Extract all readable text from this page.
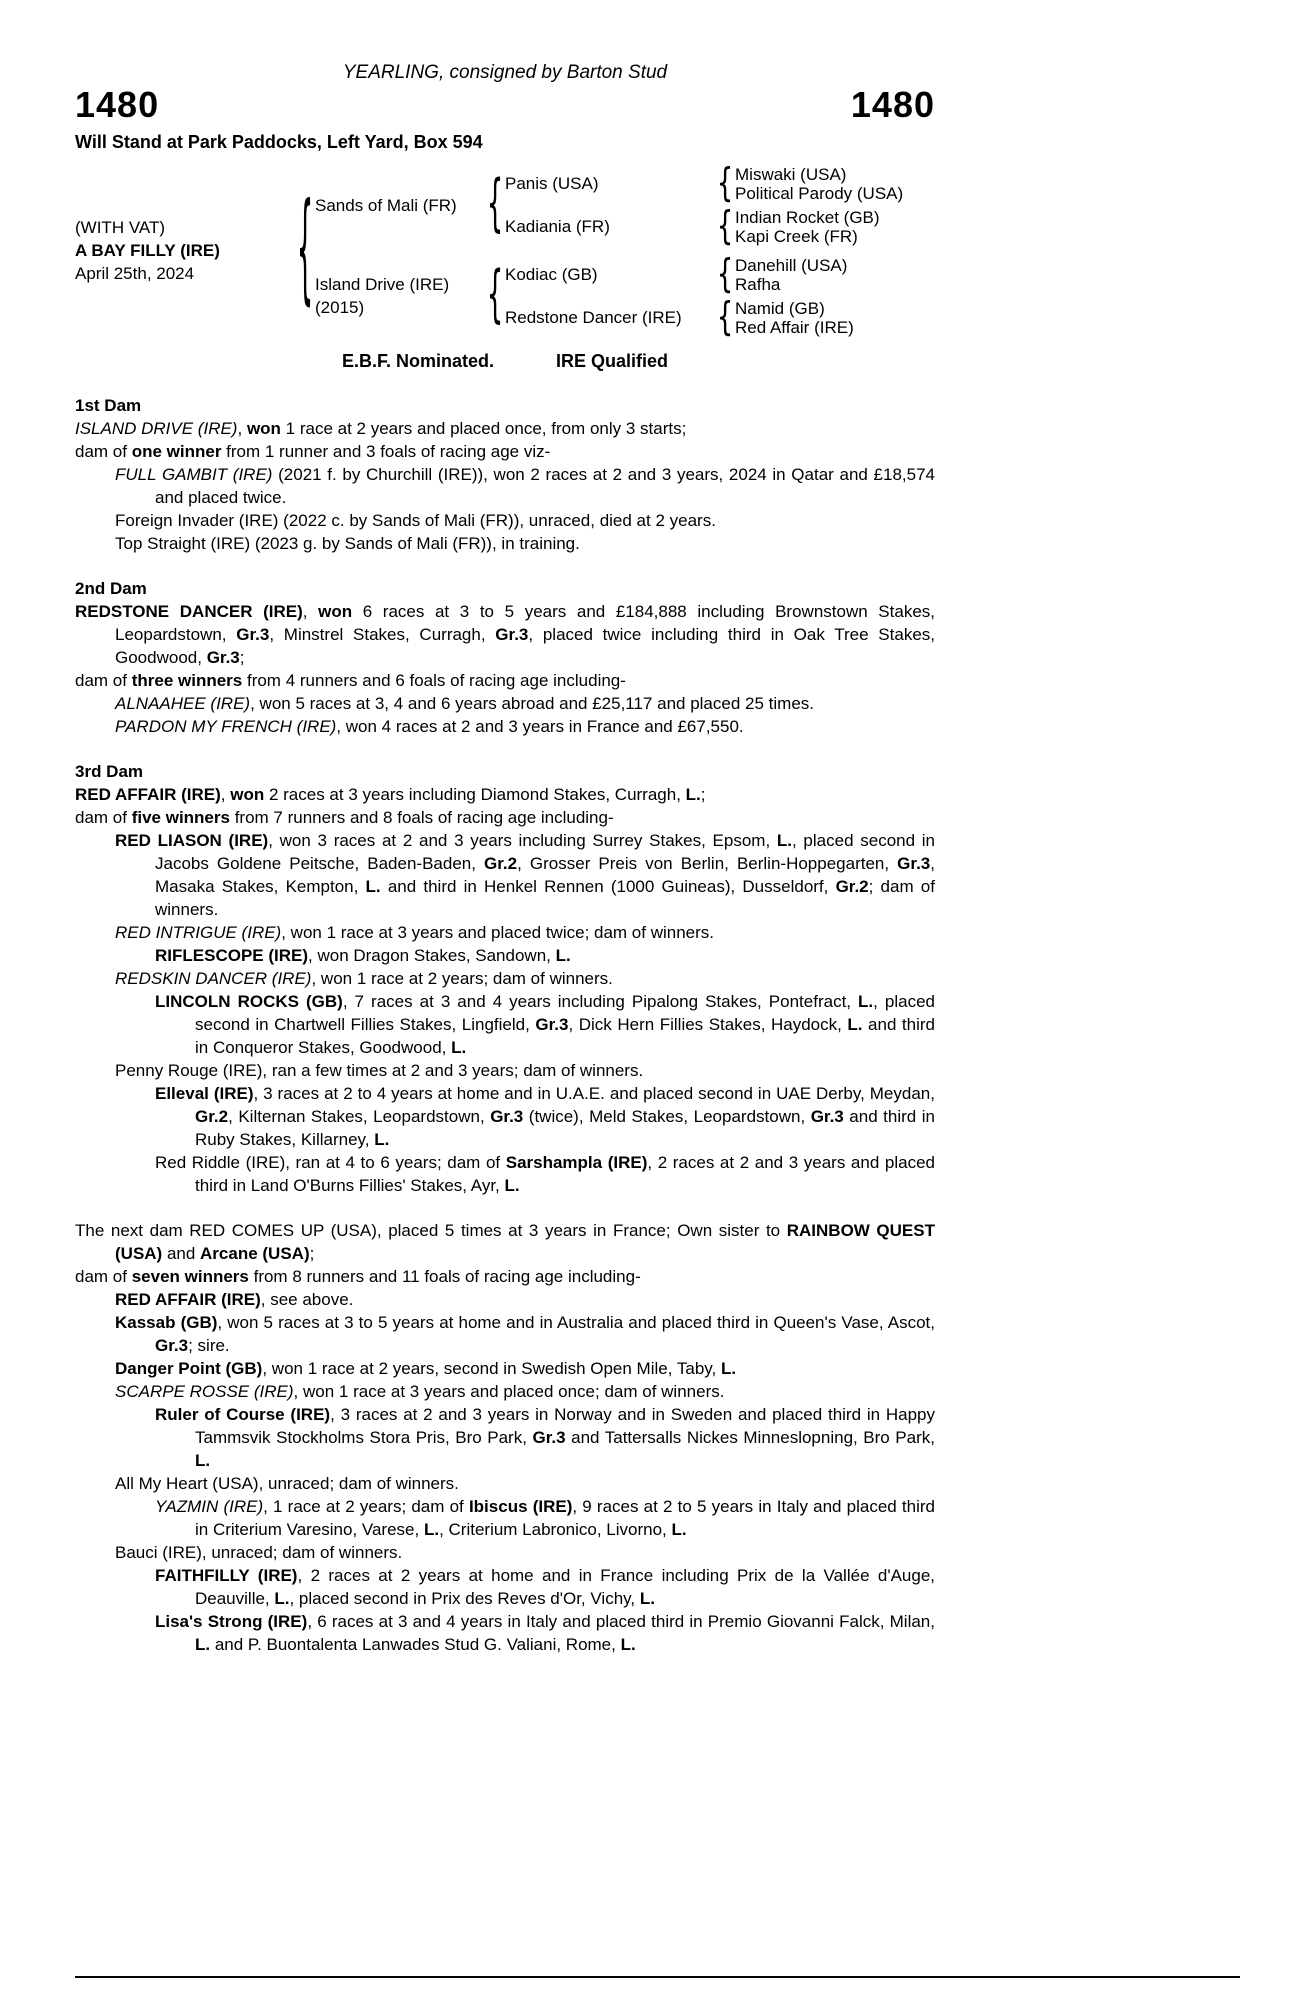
YEARLING, consigned by Barton Stud
1480	1480
Will Stand at Park Paddocks, Left Yard, Box 594
(WITH VAT)
A BAY FILLY (IRE)
April 25th, 2024	{ Sands of Mali (FR)	{ Panis (USA)	{ Miswaki (USA)
Political Parody (USA)
Kadiania (FR)	{ Indian Rocket (GB)
Kapi Creek (FR)
Island Drive (IRE)
(2015)	{ Kodiac (GB)	{ Danehill (USA)
Rafha
Redstone Dancer (IRE)	{ Namid (GB)
Red Affair (IRE)
E.B.F. Nominated.	IRE Qualified
1st Dam
ISLAND DRIVE (IRE), won 1 race at 2 years and placed once, from only 3 starts;
dam of one winner from 1 runner and 3 foals of racing age viz-
FULL GAMBIT (IRE) (2021 f. by Churchill (IRE)), won 2 races at 2 and 3 years, 2024 in Qatar and £18,574 and placed twice.
Foreign Invader (IRE) (2022 c. by Sands of Mali (FR)), unraced, died at 2 years.
Top Straight (IRE) (2023 g. by Sands of Mali (FR)), in training.
2nd Dam
REDSTONE DANCER (IRE), won 6 races at 3 to 5 years and £184,888 including Brownstown Stakes, Leopardstown, Gr.3, Minstrel Stakes, Curragh, Gr.3, placed twice including third in Oak Tree Stakes, Goodwood, Gr.3;
dam of three winners from 4 runners and 6 foals of racing age including-
ALNAAHEE (IRE), won 5 races at 3, 4 and 6 years abroad and £25,117 and placed 25 times.
PARDON MY FRENCH (IRE), won 4 races at 2 and 3 years in France and £67,550.
3rd Dam
RED AFFAIR (IRE), won 2 races at 3 years including Diamond Stakes, Curragh, L.;
dam of five winners from 7 runners and 8 foals of racing age including-
RED LIASON (IRE), won 3 races at 2 and 3 years including Surrey Stakes, Epsom, L., placed second in Jacobs Goldene Peitsche, Baden-Baden, Gr.2, Grosser Preis von Berlin, Berlin-Hoppegarten, Gr.3, Masaka Stakes, Kempton, L. and third in Henkel Rennen (1000 Guineas), Dusseldorf, Gr.2; dam of winners.
RED INTRIGUE (IRE), won 1 race at 3 years and placed twice; dam of winners.
RIFLESCOPE (IRE), won Dragon Stakes, Sandown, L.
REDSKIN DANCER (IRE), won 1 race at 2 years; dam of winners.
LINCOLN ROCKS (GB), 7 races at 3 and 4 years including Pipalong Stakes, Pontefract, L., placed second in Chartwell Fillies Stakes, Lingfield, Gr.3, Dick Hern Fillies Stakes, Haydock, L. and third in Conqueror Stakes, Goodwood, L.
Penny Rouge (IRE), ran a few times at 2 and 3 years; dam of winners.
Elleval (IRE), 3 races at 2 to 4 years at home and in U.A.E. and placed second in UAE Derby, Meydan, Gr.2, Kilternan Stakes, Leopardstown, Gr.3 (twice), Meld Stakes, Leopardstown, Gr.3 and third in Ruby Stakes, Killarney, L.
Red Riddle (IRE), ran at 4 to 6 years; dam of Sarshampla (IRE), 2 races at 2 and 3 years and placed third in Land O'Burns Fillies' Stakes, Ayr, L.
The next dam RED COMES UP (USA), placed 5 times at 3 years in France; Own sister to RAINBOW QUEST (USA) and Arcane (USA);
dam of seven winners from 8 runners and 11 foals of racing age including-
RED AFFAIR (IRE), see above.
Kassab (GB), won 5 races at 3 to 5 years at home and in Australia and placed third in Queen's Vase, Ascot, Gr.3; sire.
Danger Point (GB), won 1 race at 2 years, second in Swedish Open Mile, Taby, L.
SCARPE ROSSE (IRE), won 1 race at 3 years and placed once; dam of winners.
Ruler of Course (IRE), 3 races at 2 and 3 years in Norway and in Sweden and placed third in Happy Tammsvik Stockholms Stora Pris, Bro Park, Gr.3 and Tattersalls Nickes Minneslopning, Bro Park, L.
All My Heart (USA), unraced; dam of winners.
YAZMIN (IRE), 1 race at 2 years; dam of Ibiscus (IRE), 9 races at 2 to 5 years in Italy and placed third in Criterium Varesino, Varese, L., Criterium Labronico, Livorno, L.
Bauci (IRE), unraced; dam of winners.
FAITHFILLY (IRE), 2 races at 2 years at home and in France including Prix de la Vallée d'Auge, Deauville, L., placed second in Prix des Reves d'Or, Vichy, L.
Lisa's Strong (IRE), 6 races at 3 and 4 years in Italy and placed third in Premio Giovanni Falck, Milan, L. and P. Buontalenta Lanwades Stud G. Valiani, Rome, L.
